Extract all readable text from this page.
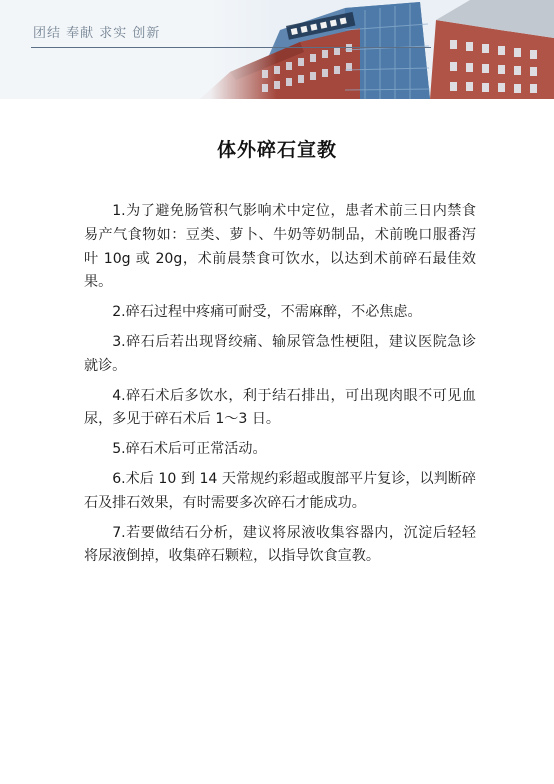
团结 奉献 求实 创新
体外碎石宣教

1.为了避免肠管积气影响术中定位，患者术前三日内禁食易产气食物如：豆类、萝卜、牛奶等奶制品，术前晚口服番泻叶 10g 或 20g，术前晨禁食可饮水，以达到术前碎石最佳效果。

2.碎石过程中疼痛可耐受，不需麻醉，不必焦虑。

3.碎石后若出现肾绞痛、输尿管急性梗阻，建议医院急诊就诊。

4.碎石术后多饮水，利于结石排出，可出现肉眼不可见血尿，多见于碎石术后 1～3 日。

5.碎石术后可正常活动。

6.术后 10 到 14 天常规约彩超或腹部平片复诊，以判断碎石及排石效果，有时需要多次碎石才能成功。

7.若要做结石分析，建议将尿液收集容器内，沉淀后轻轻将尿液倒掉，收集碎石颗粒，以指导饮食宣教。
